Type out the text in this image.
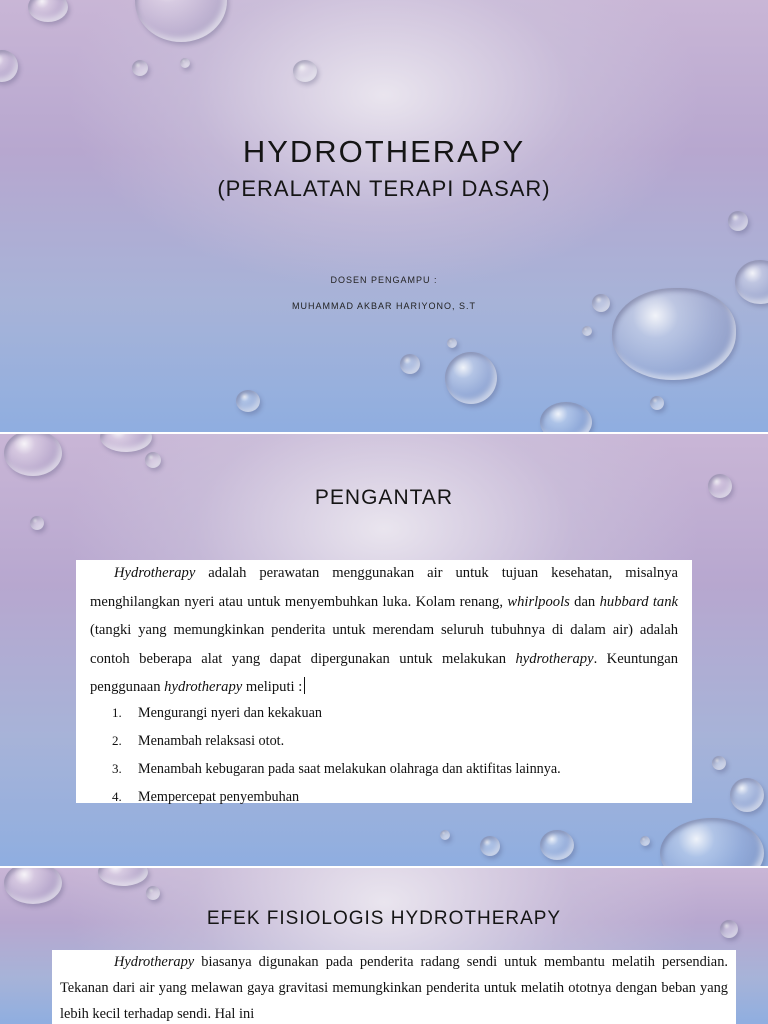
HYDROTHERAPY
(PERALATAN TERAPI DASAR)
DOSEN PENGAMPU :
MUHAMMAD AKBAR HARIYONO, S.T
PENGANTAR

Hydrotherapy adalah perawatan menggunakan air untuk tujuan kesehatan, misalnya menghilangkan nyeri atau untuk menyembuhkan luka. Kolam renang, whirlpools dan hubbard tank (tangki yang memungkinkan penderita untuk merendam seluruh tubuhnya di dalam air) adalah contoh beberapa alat yang dapat dipergunakan untuk melakukan hydrotherapy. Keuntungan penggunaan hydrotherapy meliputi :

1. Mengurangi nyeri dan kekakuan
2. Menambah relaksasi otot.
3. Menambah kebugaran pada saat melakukan olahraga dan aktifitas lainnya.
4. Mempercepat penyembuhan
EFEK FISIOLOGIS HYDROTHERAPY

Hydrotherapy biasanya digunakan pada penderita radang sendi untuk membantu melatih persendian. Tekanan dari air yang melawan gaya gravitasi memungkinkan penderita untuk melatih ototnya dengan beban yang lebih kecil terhadap sendi. Hal ini
